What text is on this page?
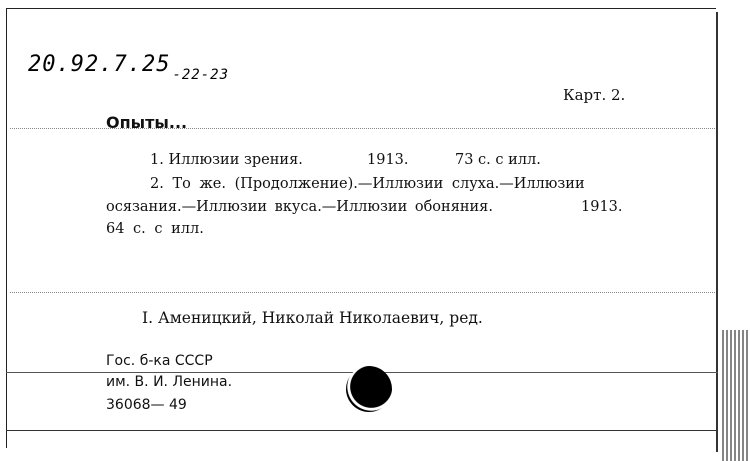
20.92.7.25 $_{-22-23}$
Карт. 2.
Опыты...
1. Иллюзии зрения.	1913.	73 с. с илл.
2. То же. (Продолжение).—Иллюзии слуха.—Иллюзии
осязания.—Иллюзии вкуса.—Иллюзии обоняния.	1913.
64 с. с илл.
I. Аменицкий, Николай Николаевич, ред.
Гос. б-ка СССР
им. В. И. Ленина.
36068— 49
